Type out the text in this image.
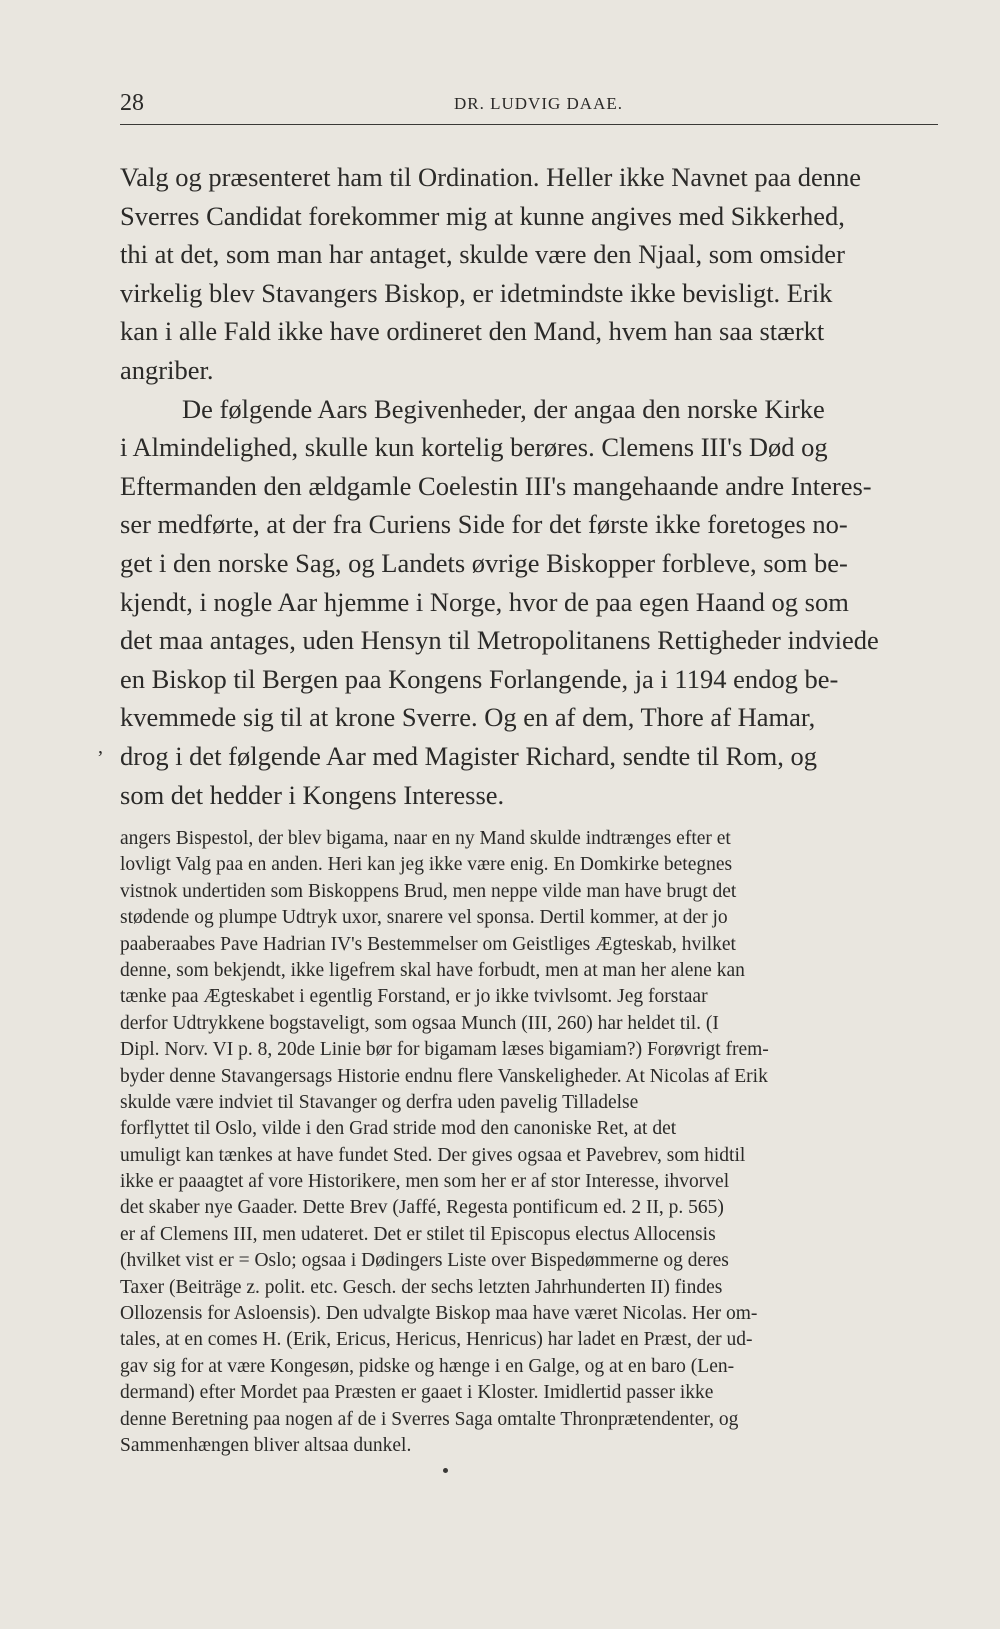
28	DR. LUDVIG DAAE.
Valg og præsenteret ham til Ordination. Heller ikke Navnet paa denne
Sverres Candidat forekommer mig at kunne angives med Sikkerhed,
thi at det, som man har antaget, skulde være den Njaal, som omsider
virkelig blev Stavangers Biskop, er idetmindste ikke bevisligt. Erik
kan i alle Fald ikke have ordineret den Mand, hvem han saa stærkt
angriber.
De følgende Aars Begivenheder, der angaa den norske Kirke
i Almindelighed, skulle kun kortelig berøres. Clemens III's Død og
Eftermanden den ældgamle Coelestin III's mangehaande andre Interes-
ser medførte, at der fra Curiens Side for det første ikke foretoges no-
get i den norske Sag, og Landets øvrige Biskopper forbleve, som be-
kjendt, i nogle Aar hjemme i Norge, hvor de paa egen Haand og som
det maa antages, uden Hensyn til Metropolitanens Rettigheder indviede
en Biskop til Bergen paa Kongens Forlangende, ja i 1194 endog be-
kvemmede sig til at krone Sverre. Og en af dem, Thore af Hamar,
drog i det følgende Aar med Magister Richard, sendte til Rom, og
som det hedder i Kongens Interesse.
,
angers Bispestol, der blev bigama, naar en ny Mand skulde indtrænges efter et
lovligt Valg paa en anden. Heri kan jeg ikke være enig. En Domkirke betegnes
vistnok undertiden som Biskoppens Brud, men neppe vilde man have brugt det
stødende og plumpe Udtryk uxor, snarere vel sponsa. Dertil kommer, at der jo
paaberaabes Pave Hadrian IV's Bestemmelser om Geistliges Ægteskab, hvilket
denne, som bekjendt, ikke ligefrem skal have forbudt, men at man her alene kan
tænke paa Ægteskabet i egentlig Forstand, er jo ikke tvivlsomt. Jeg forstaar
derfor Udtrykkene bogstaveligt, som ogsaa Munch (III, 260) har heldet til. (I
Dipl. Norv. VI p. 8, 20de Linie bør for bigamam læses bigamiam?) Forøvrigt frem-
byder denne Stavangersags Historie endnu flere Vanskeligheder. At Nicolas af Erik
skulde være indviet til Stavanger og derfra uden pavelig Tilladelse
forflyttet til Oslo, vilde i den Grad stride mod den canoniske Ret, at det
umuligt kan tænkes at have fundet Sted. Der gives ogsaa et Pavebrev, som hidtil
ikke er paaagtet af vore Historikere, men som her er af stor Interesse, ihvorvel
det skaber nye Gaader. Dette Brev (Jaffé, Regesta pontificum ed. 2 II, p. 565)
er af Clemens III, men udateret. Det er stilet til Episcopus electus Allocensis
(hvilket vist er = Oslo; ogsaa i Dødingers Liste over Bispedømmerne og deres
Taxer (Beiträge z. polit. etc. Gesch. der sechs letzten Jahrhunderten II) findes
Ollozensis for Asloensis). Den udvalgte Biskop maa have været Nicolas. Her om-
tales, at en comes H. (Erik, Ericus, Hericus, Henricus) har ladet en Præst, der ud-
gav sig for at være Kongesøn, pidske og hænge i en Galge, og at en baro (Len-
dermand) efter Mordet paa Præsten er gaaet i Kloster. Imidlertid passer ikke
denne Beretning paa nogen af de i Sverres Saga omtalte Thronprætendenter, og
Sammenhængen bliver altsaa dunkel.
